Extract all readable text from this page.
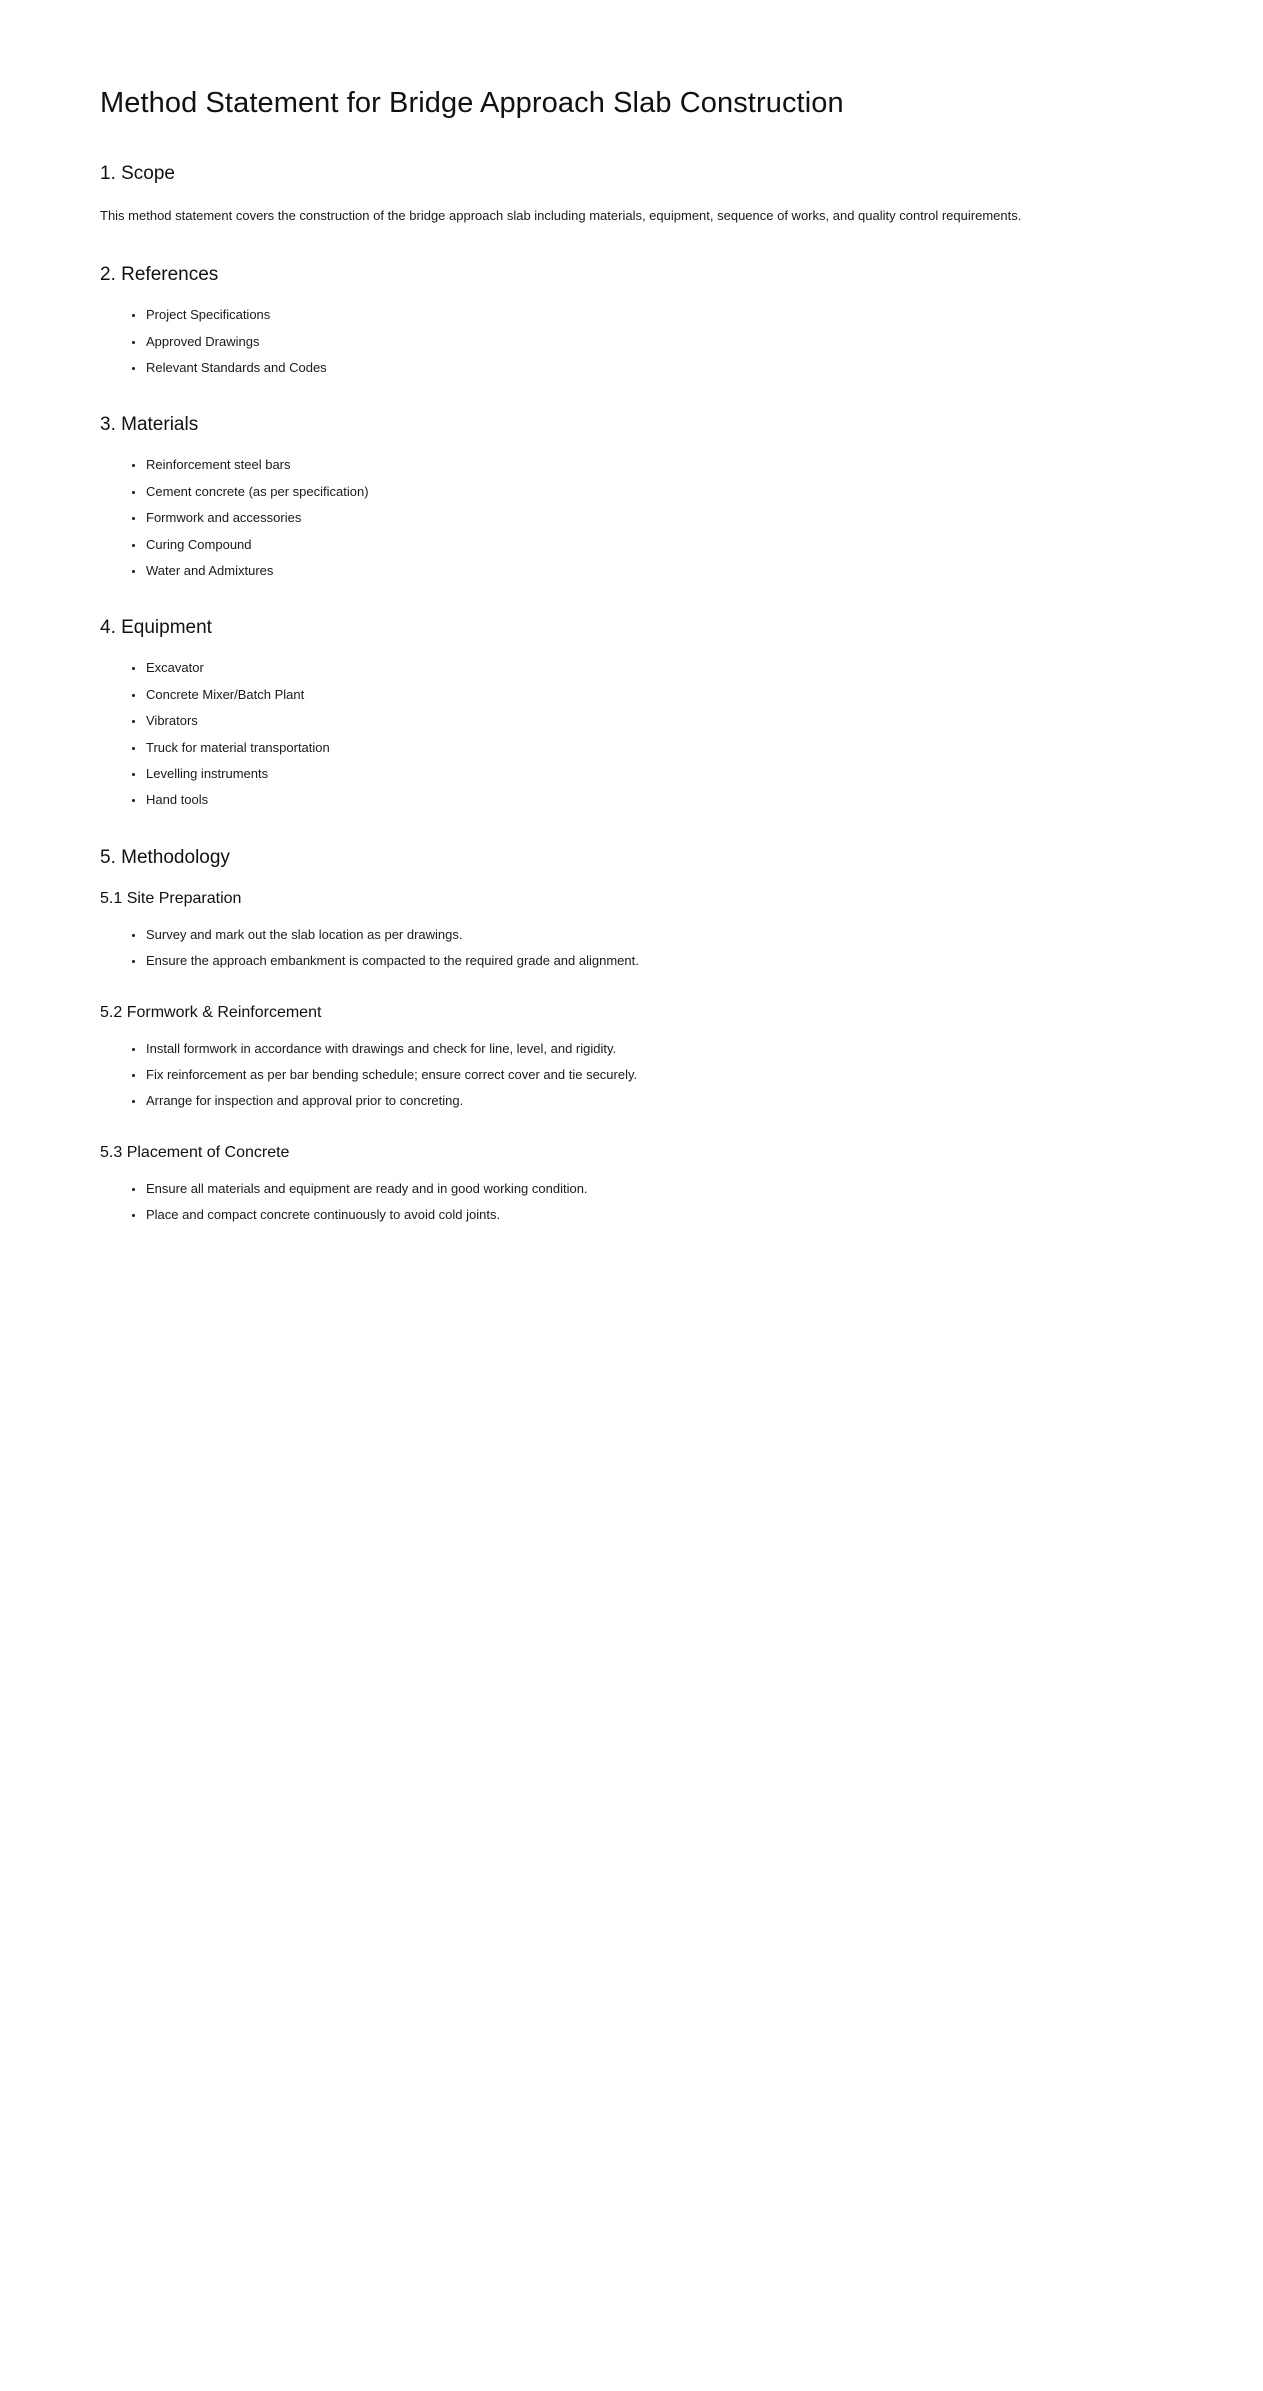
Method Statement for Bridge Approach Slab Construction
1. Scope

This method statement covers the construction of the bridge approach slab including materials, equipment, sequence of works, and quality control requirements.

2. References
Project Specifications
Approved Drawings
Relevant Standards and Codes
3. Materials
Reinforcement steel bars
Cement concrete (as per specification)
Formwork and accessories
Curing Compound
Water and Admixtures
4. Equipment
Excavator
Concrete Mixer/Batch Plant
Vibrators
Truck for material transportation
Levelling instruments
Hand tools
5. Methodology
5.1 Site Preparation
Survey and mark out the slab location as per drawings.
Ensure the approach embankment is compacted to the required grade and alignment.
5.2 Formwork & Reinforcement
Install formwork in accordance with drawings and check for line, level, and rigidity.
Fix reinforcement as per bar bending schedule; ensure correct cover and tie securely.
Arrange for inspection and approval prior to concreting.
5.3 Placement of Concrete
Ensure all materials and equipment are ready and in good working condition.
Place and compact concrete continuously to avoid cold joints.
